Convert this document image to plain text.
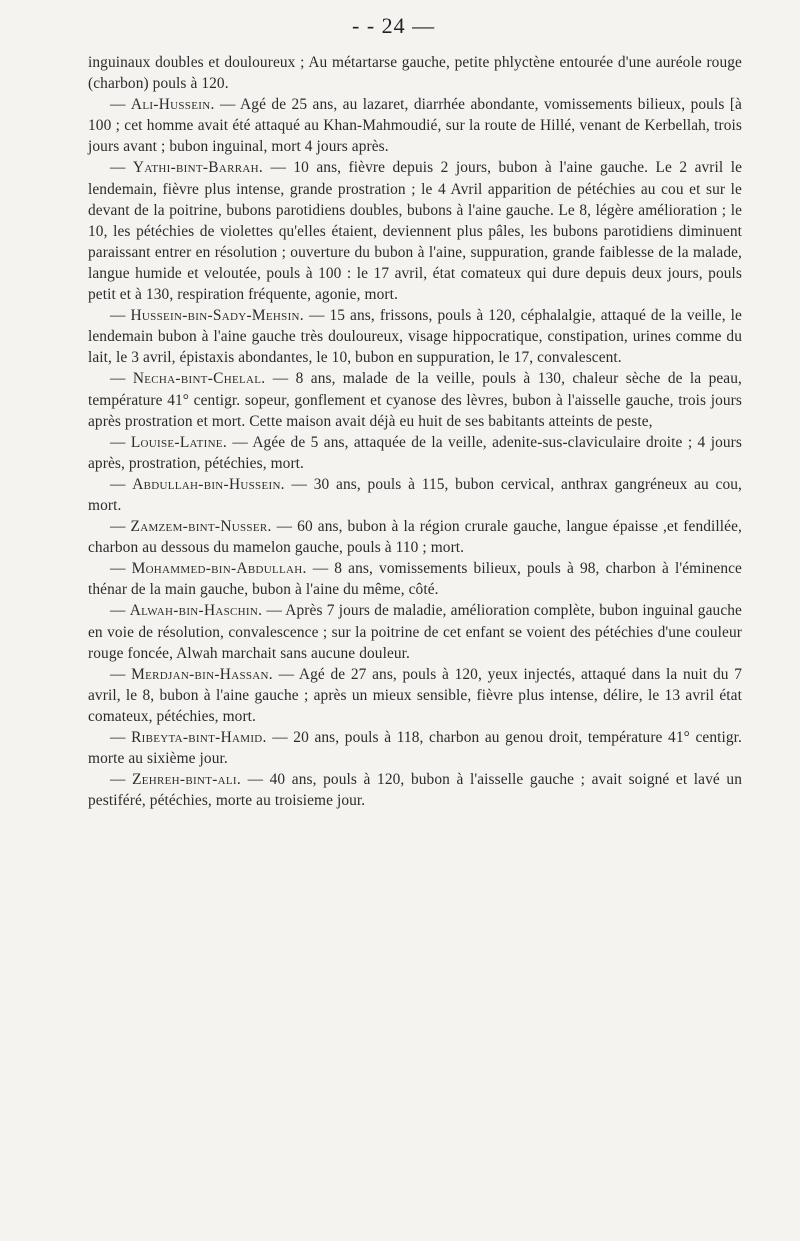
- - 24 —

inguinaux doubles et douloureux ; Au métartarse gauche, petite phlyctène entourée d'une auréole rouge (charbon) pouls à 120.

— Ali-Hussein. — Agé de 25 ans, au lazaret, diarrhée abondante, vomissements bilieux, pouls [à 100 ; cet homme avait été attaqué au Khan-Mahmoudié, sur la route de Hillé, venant de Kerbellah, trois jours avant ; bubon inguinal, mort 4 jours après.

— Yathi-bint-Barrah. — 10 ans, fièvre depuis 2 jours, bubon à l'aine gauche. Le 2 avril le lendemain, fièvre plus intense, grande prostration ; le 4 Avril apparition de pétéchies au cou et sur le devant de la poitrine, bubons parotidiens doubles, bubons à l'aine gauche. Le 8, légère amélioration ; le 10, les pétéchies de violettes qu'elles étaient, deviennent plus pâles, les bubons parotidiens diminuent paraissant entrer en résolution ; ouverture du bubon à l'aine, suppuration, grande faiblesse de la malade, langue humide et veloutée, pouls à 100 : le 17 avril, état comateux qui dure depuis deux jours, pouls petit et à 130, respiration fréquente, agonie, mort.

— Hussein-bin-Sady-Mehsin. — 15 ans, frissons, pouls à 120, céphalalgie, attaqué de la veille, le lendemain bubon à l'aine gauche très douloureux, visage hippocratique, constipation, urines comme du lait, le 3 avril, épistaxis abondantes, le 10, bubon en suppuration, le 17, convalescent.

— Necha-bint-Chelal. — 8 ans, malade de la veille, pouls à 130, chaleur sèche de la peau, température 41° centigr. sopeur, gonflement et cyanose des lèvres, bubon à l'aisselle gauche, trois jours après prostration et mort. Cette maison avait déjà eu huit de ses babitants atteints de peste,

— Louise-Latine. — Agée de 5 ans, attaquée de la veille, adenite-sus-claviculaire droite ; 4 jours après, prostration, pétéchies, mort.

— Abdullah-bin-Hussein. — 30 ans, pouls à 115, bubon cervical, anthrax gangréneux au cou, mort.

— Zamzem-bint-Nusser. — 60 ans, bubon à la région crurale gauche, langue épaisse ,et fendillée, charbon au dessous du mamelon gauche, pouls à 110 ; mort.

— Mohammed-bin-Abdullah. — 8 ans, vomissements bilieux, pouls à 98, charbon à l'éminence thénar de la main gauche, bubon à l'aine du même, côté.

— Alwah-bin-Haschin. — Après 7 jours de maladie, amélioration complète, bubon inguinal gauche en voie de résolution, convalescence ; sur la poitrine de cet enfant se voient des pétéchies d'une couleur rouge foncée, Alwah marchait sans aucune douleur.

— Merdjan-bin-Hassan. — Agé de 27 ans, pouls à 120, yeux injectés, attaqué dans la nuit du 7 avril, le 8, bubon à l'aine gauche ; après un mieux sensible, fièvre plus intense, délire, le 13 avril état comateux, pétéchies, mort.

— Ribeyta-bint-Hamid. — 20 ans, pouls à 118, charbon au genou droit, température 41° centigr. morte au sixième jour.

— Zehreh-bint-ali. — 40 ans, pouls à 120, bubon à l'aisselle gauche ; avait soigné et lavé un pestiféré, pétéchies, morte au troisieme jour.
